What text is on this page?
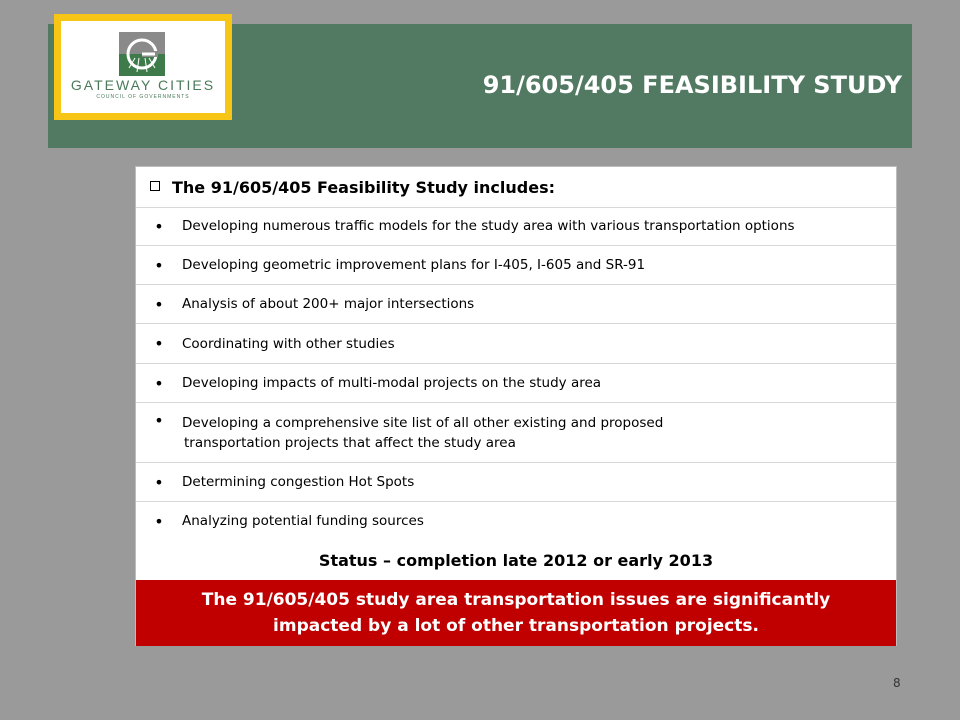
GATEWAY CITIES
COUNCIL OF GOVERNMENTS	91/605/405 FEASIBILITY STUDY
The 91/605/405 Feasibility Study includes:
•	Developing numerous traffic models for the study area with various transportation options
•	Developing geometric improvement plans for I-405, I-605 and SR-91
•	Analysis of about 200+ major intersections
•	Coordinating with other studies
•	Developing impacts of multi-modal projects on the study area
•	Developing a comprehensive site list of all other existing and proposed
transportation projects that affect the study area
•	Determining congestion Hot Spots
•	Analyzing potential funding sources
Status – completion late 2012 or early 2013
The 91/605/405 study area transportation issues are significantly
impacted by a lot of other transportation projects.
8
